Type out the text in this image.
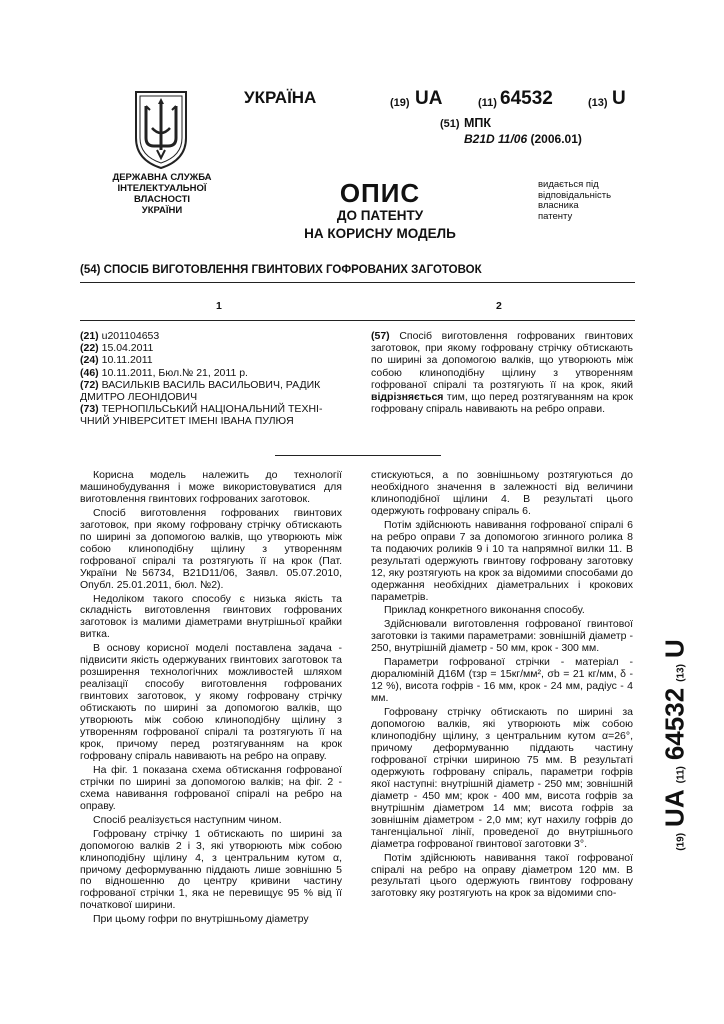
ДЕРЖАВНА СЛУЖБА
ІНТЕЛЕКТУАЛЬНОЇ
ВЛАСНОСТІ
УКРАЇНИ
УКРАЇНА	(19) UA	(11) 64532	(13) U
(51) МПК
B21D 11/06 (2006.01)
ОПИС
ДО ПАТЕНТУ
НА КОРИСНУ МОДЕЛЬ
видається під
відповідальність
власника
патенту
(54) СПОСІБ ВИГОТОВЛЕННЯ ГВИНТОВИХ ГОФРОВАНИХ ЗАГОТОВОК
1	2
(21) u201104653
(22) 15.04.2011
(24) 10.11.2011
(46) 10.11.2011, Бюл.№ 21, 2011 р.
(72) ВАСИЛЬКІВ ВАСИЛЬ ВАСИЛЬОВИЧ, РАДИК
ДМИТРО ЛЕОНІДОВИЧ
(73) ТЕРНОПІЛЬСЬКИЙ НАЦІОНАЛЬНИЙ ТЕХНІ-
ЧНИЙ УНІВЕРСИТЕТ ІМЕНІ ІВАНА ПУЛЮЯ
(57) Спосіб виготовлення гофрованих гвинтових заготовок, при якому гофровану стрічку обтискають по ширині за допомогою валків, що утворюють між собою клиноподібну щілину з утворенням гофрованої спіралі та розтягують її на крок, який відрізняється тим, що перед розтягуванням на крок гофровану спіраль навивають на ребро оправи.

Корисна модель належить до технології машинобудування і може використовуватися для виготовлення гвинтових гофрованих заготовок.

Спосіб виготовлення гофрованих гвинтових заготовок, при якому гофровану стрічку обтискають по ширині за допомогою валків, що утворюють між собою клиноподібну щілину з утворенням гофрованої спіралі та розтягують її на крок (Пат. України №56734, B21D11/06, Заявл. 05.07.2010, Опубл. 25.01.2011, бюл. №2).

Недоліком такого способу є низька якість та складність виготовлення гвинтових гофрованих заготовок із малими діаметрами внутрішньої крайки витка.

В основу корисної моделі поставлена задача - підвисити якість одержуваних гвинтових заготовок та розширення технологічних можливостей шляхом реалізації способу виготовлення гофрованих гвинтових заготовок, у якому гофровану стрічку обтискають по ширині за допомогою валків, що утворюють між собою клиноподібну щілину з утворенням гофрованої спіралі та розтягують її на крок, причому перед розтягуванням на крок гофровану спіраль навивають на ребро на оправу.

На фіг. 1 показана схема обтискання гофрованої стрічки по ширині за допомогою валків; на фіг. 2 - схема навивання гофрованої спіралі на ребро на оправу.

Спосіб реалізується наступним чином.

Гофровану стрічку 1 обтискають по ширині за допомогою валків 2 і 3, які утворюють між собою клиноподібну щілину 4, з центральним кутом α, причому деформуванню піддають лише зовнішню 5 по відношенню до центру кривини частину гофрованої стрічки 1, яка не перевищує 95 % від її початкової ширини.

При цьому гофри по внутрішньому діаметру

стискуються, а по зовнішньому розтягуються до необхідного значення в залежності від величини клиноподібної щілини 4. В результаті цього одержують гофровану спіраль 6.

Потім здійснюють навивання гофрованої спіралі 6 на ребро оправи 7 за допомогою згинного ролика 8 та подаючих роликів 9 і 10 та напрямної вилки 11. В результаті одержують гвинтову гофровану заготовку 12, яку розтягують на крок за відомими способами до одержання необхідних діаметральних і крокових параметрів.

Приклад конкретного виконання способу.

Здійснювали виготовлення гофрованої гвинтової заготовки із такими параметрами: зовнішній діаметр - 250, внутрішній діаметр - 50 мм, крок - 300 мм.

Параметри гофрованої стрічки - матеріал - дюралюміній Д16М (τзр = 15кг/мм², σb = 21 кг/мм, δ - 12 %), висота гофрів - 16 мм, крок - 24 мм, радіус - 4 мм.

Гофровану стрічку обтискають по ширині за допомогою валків, які утворюють між собою клиноподібну щілину, з центральним кутом α=26°, причому деформуванню піддають частину гофрованої стрічки шириною 75 мм. В результаті одержують гофровану спіраль, параметри гофрів якої наступні: внутрішній діаметр - 250 мм; зовнішній діаметр - 450 мм; крок - 400 мм, висота гофрів за внутрішнім діаметром 14 мм; висота гофрів за зовнішнім діаметром - 2,0 мм; кут нахилу гофрів до тангенціальної лінії, проведеної до внутрішнього діаметра гофрованої гвинтової заготовки 3°.

Потім здійснюють навивання такої гофрованої спіралі на ребро на оправу діаметром 120 мм. В результаті цього одержують гвинтову гофровану заготовку яку розтягують на крок за відомими спо-

(19)
UA
(11)
64532
(13)
U
